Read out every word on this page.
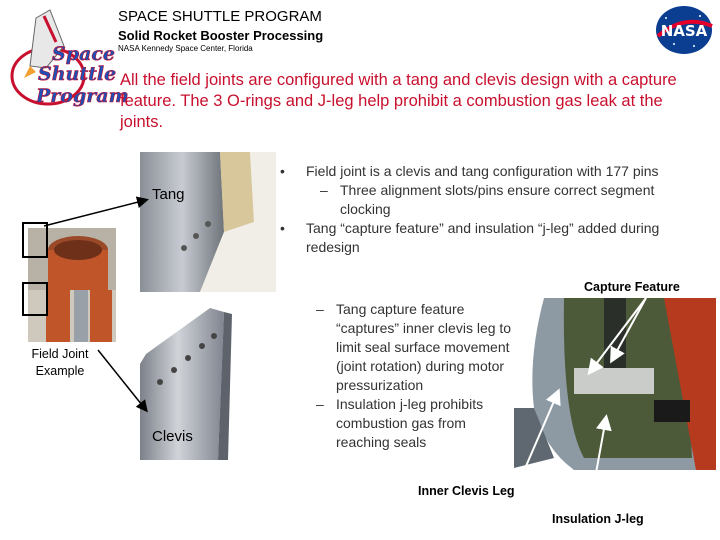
Space
Shuttle
Program
SPACE SHUTTLE PROGRAM
Solid Rocket Booster Processing
NASA Kennedy Space Center, Florida
NASA
All the field joints are configured with a tang and clevis design with a capture feature. The 3 O-rings and J-leg help prohibit a combustion gas leak at the joints.
Tang
Clevis
Field Joint Example
Capture Feature
Inner Clevis Leg
Insulation J-leg
• Field joint is a clevis and tang configuration with 177 pins
– Three alignment slots/pins ensure correct segment clocking
• Tang “capture feature” and insulation “j-leg” added during redesign
– Tang capture feature “captures” inner clevis leg to limit seal surface movement (joint rotation) during motor pressurization
– Insulation j-leg prohibits combustion gas from reaching seals
